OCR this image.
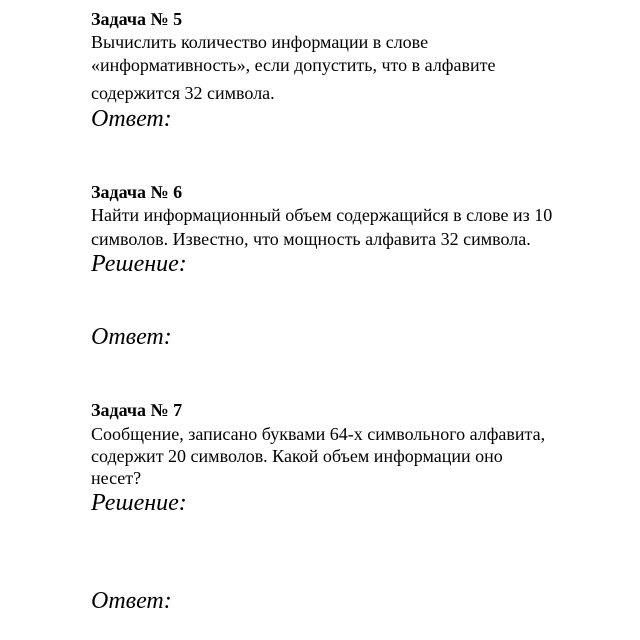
Задача № 5
Вычислить количество информации в слове
«информативность», если допустить, что в алфавите
содержится 32 символа.
Ответ:
Задача № 6
Найти информационный объем содержащийся в слове из 10
символов. Известно, что мощность алфавита 32 символа.
Решение:
Ответ:
Задача № 7
Сообщение, записано буквами 64-х символьного алфавита,
содержит 20 символов. Какой объем информации оно
несет?
Решение:
Ответ:
